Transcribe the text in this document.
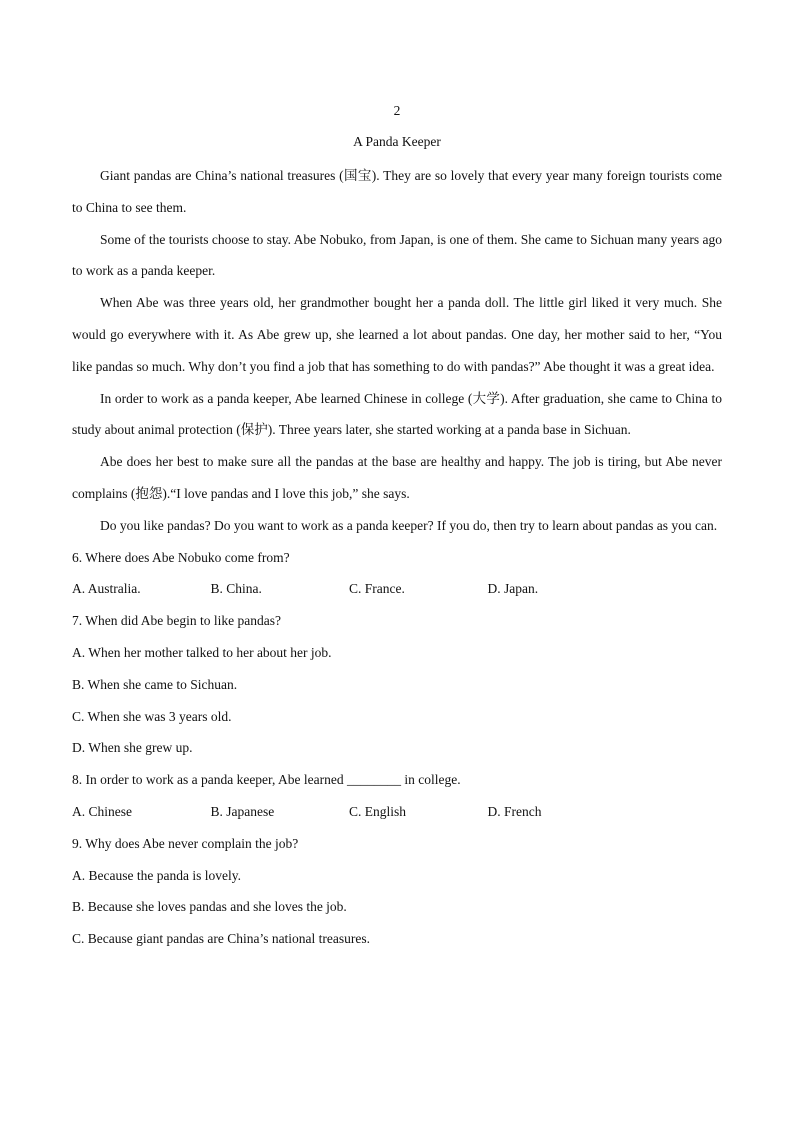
2
A Panda Keeper

Giant pandas are China’s national treasures (国宝). They are so lovely that every year many foreign tourists come to China to see them.

Some of the tourists choose to stay. Abe Nobuko, from Japan, is one of them. She came to Sichuan many years ago to work as a panda keeper.

When Abe was three years old, her grandmother bought her a panda doll. The little girl liked it very much. She would go everywhere with it. As Abe grew up, she learned a lot about pandas. One day, her mother said to her, “You like pandas so much. Why don’t you find a job that has something to do with pandas?” Abe thought it was a great idea.

In order to work as a panda keeper, Abe learned Chinese in college (大学). After graduation, she came to China to study about animal protection (保护). Three years later, she started working at a panda base in Sichuan.

Abe does her best to make sure all the pandas at the base are healthy and happy. The job is tiring, but Abe never complains (抱怨).“I love pandas and I love this job,” she says.

Do you like pandas? Do you want to work as a panda keeper? If you do, then try to learn about pandas as you can.

6. Where does Abe Nobuko come from?

A. Australia.	B. China.	C. France.	D. Japan.

7. When did Abe begin to like pandas?

A. When her mother talked to her about her job.
B. When she came to Sichuan.
C. When she was 3 years old.
D. When she grew up.

8. In order to work as a panda keeper, Abe learned ________ in college.

A. Chinese	B. Japanese	C. English	D. French

9. Why does Abe never complain the job?

A. Because the panda is lovely.
B. Because she loves pandas and she loves the job.
C. Because giant pandas are China’s national treasures.
